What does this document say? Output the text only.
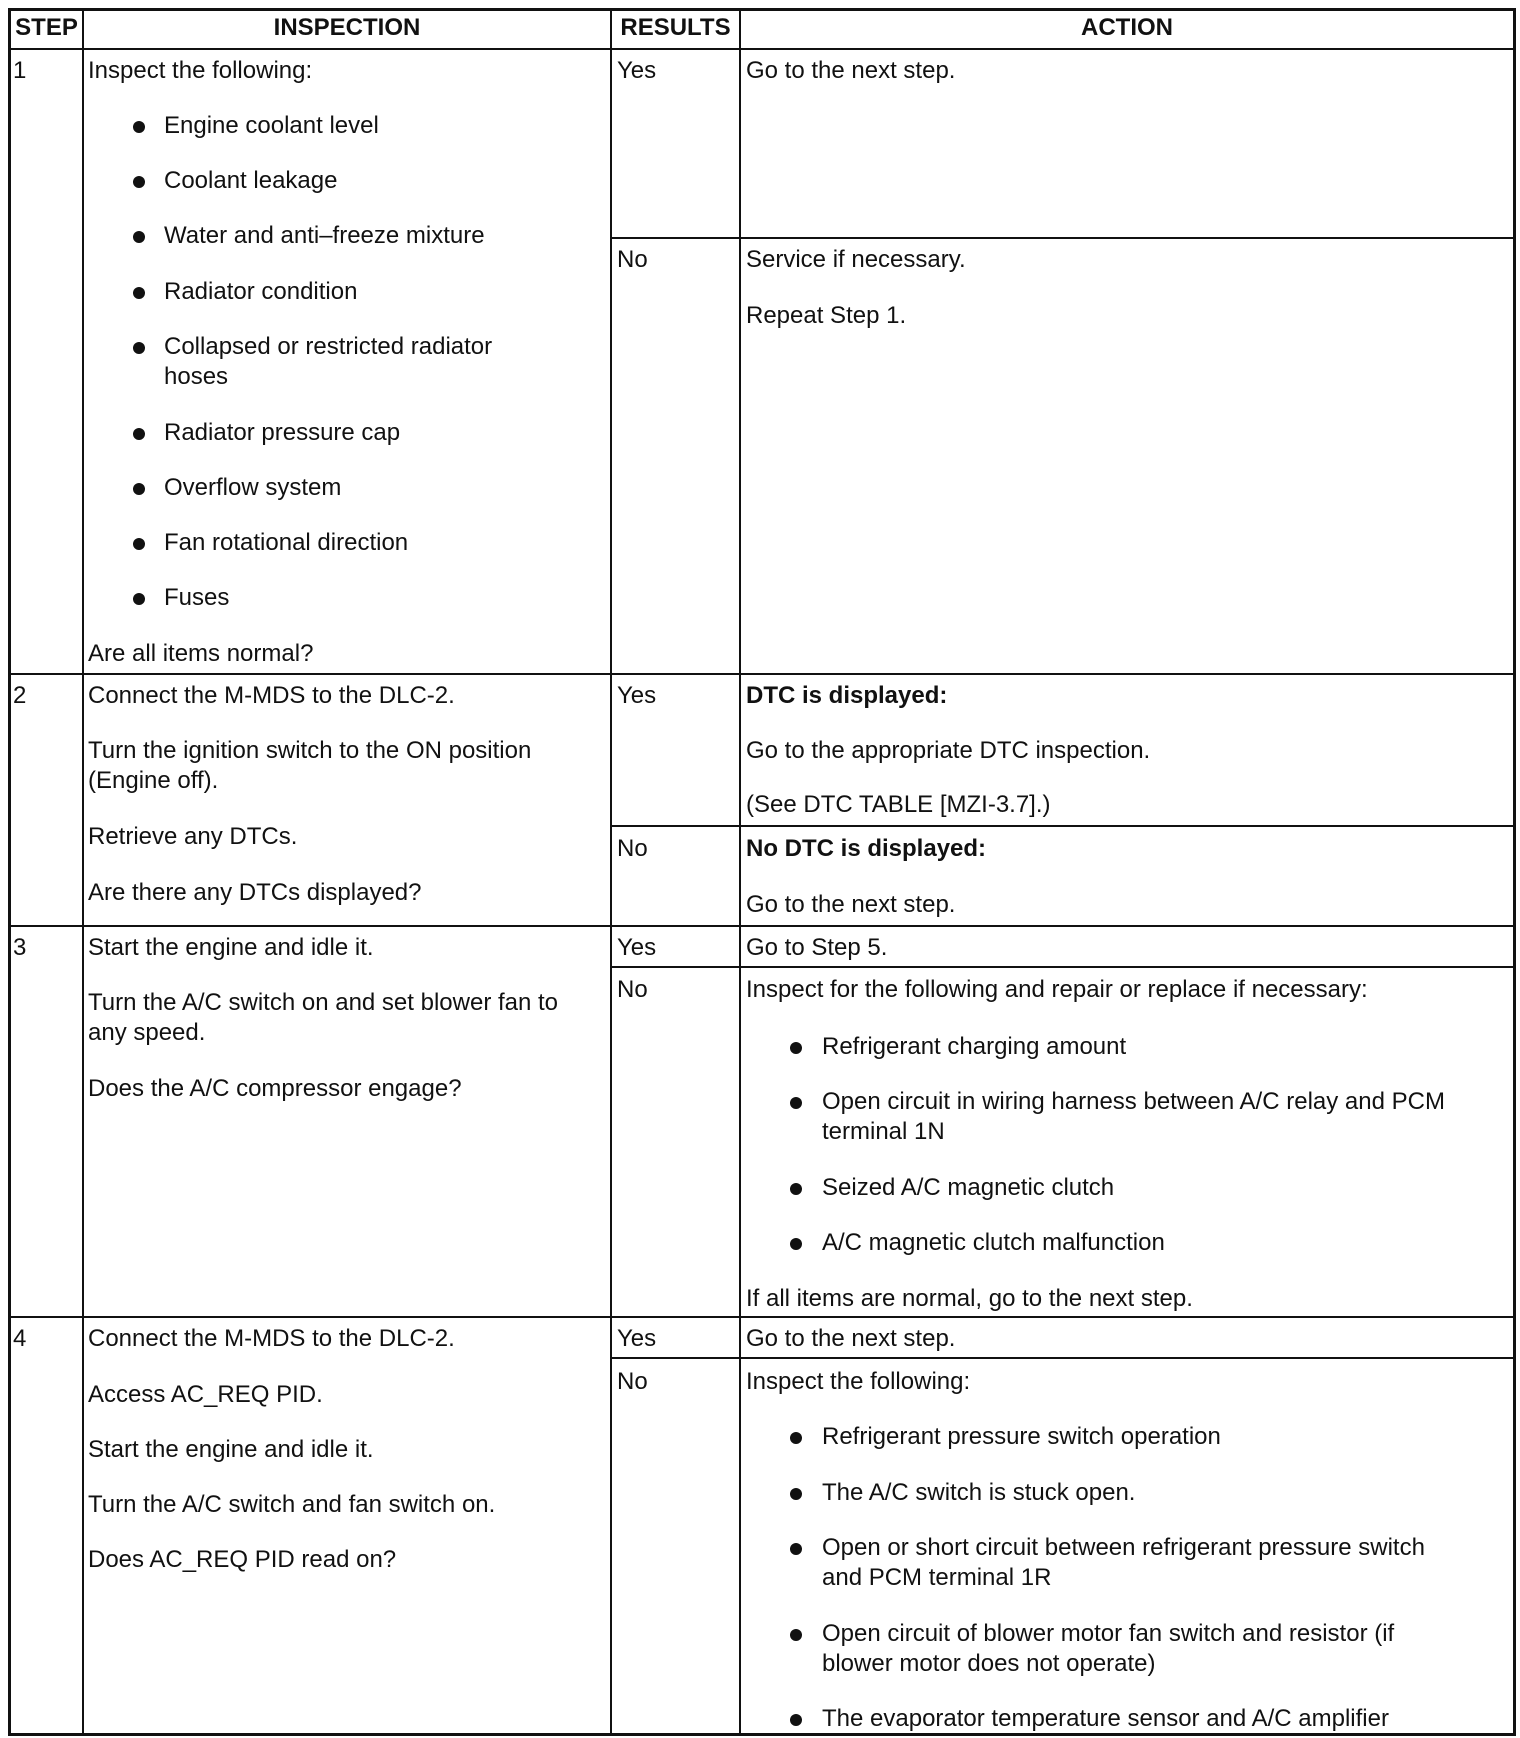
STEP	INSPECTION	RESULTS	ACTION
1	Inspect the following:
Engine coolant level
Coolant leakage
Water and anti–freeze mixture
Radiator condition
Collapsed or restricted radiator
hoses
Radiator pressure cap
Overflow system
Fan rotational direction
Fuses
Are all items normal?
Yes	Go to the next step.
No	Service if necessary.
Repeat Step 1.
2	Connect the M-MDS to the DLC-2.
Turn the ignition switch to the ON position
(Engine off).
Retrieve any DTCs.
Are there any DTCs displayed?
Yes	DTC is displayed:
Go to the appropriate DTC inspection.
(See DTC TABLE [MZI-3.7].)
No	No DTC is displayed:
Go to the next step.
3	Start the engine and idle it.
Turn the A/C switch on and set blower fan to
any speed.
Does the A/C compressor engage?
Yes	Go to Step 5.
No	Inspect for the following and repair or replace if necessary:
Refrigerant charging amount
Open circuit in wiring harness between A/C relay and PCM
terminal 1N
Seized A/C magnetic clutch
A/C magnetic clutch malfunction
If all items are normal, go to the next step.
4	Connect the M-MDS to the DLC-2.
Access AC_REQ PID.
Start the engine and idle it.
Turn the A/C switch and fan switch on.
Does AC_REQ PID read on?
Yes	Go to the next step.
No	Inspect the following:
Refrigerant pressure switch operation
The A/C switch is stuck open.
Open or short circuit between refrigerant pressure switch
and PCM terminal 1R
Open circuit of blower motor fan switch and resistor (if
blower motor does not operate)
The evaporator temperature sensor and A/C amplifier
